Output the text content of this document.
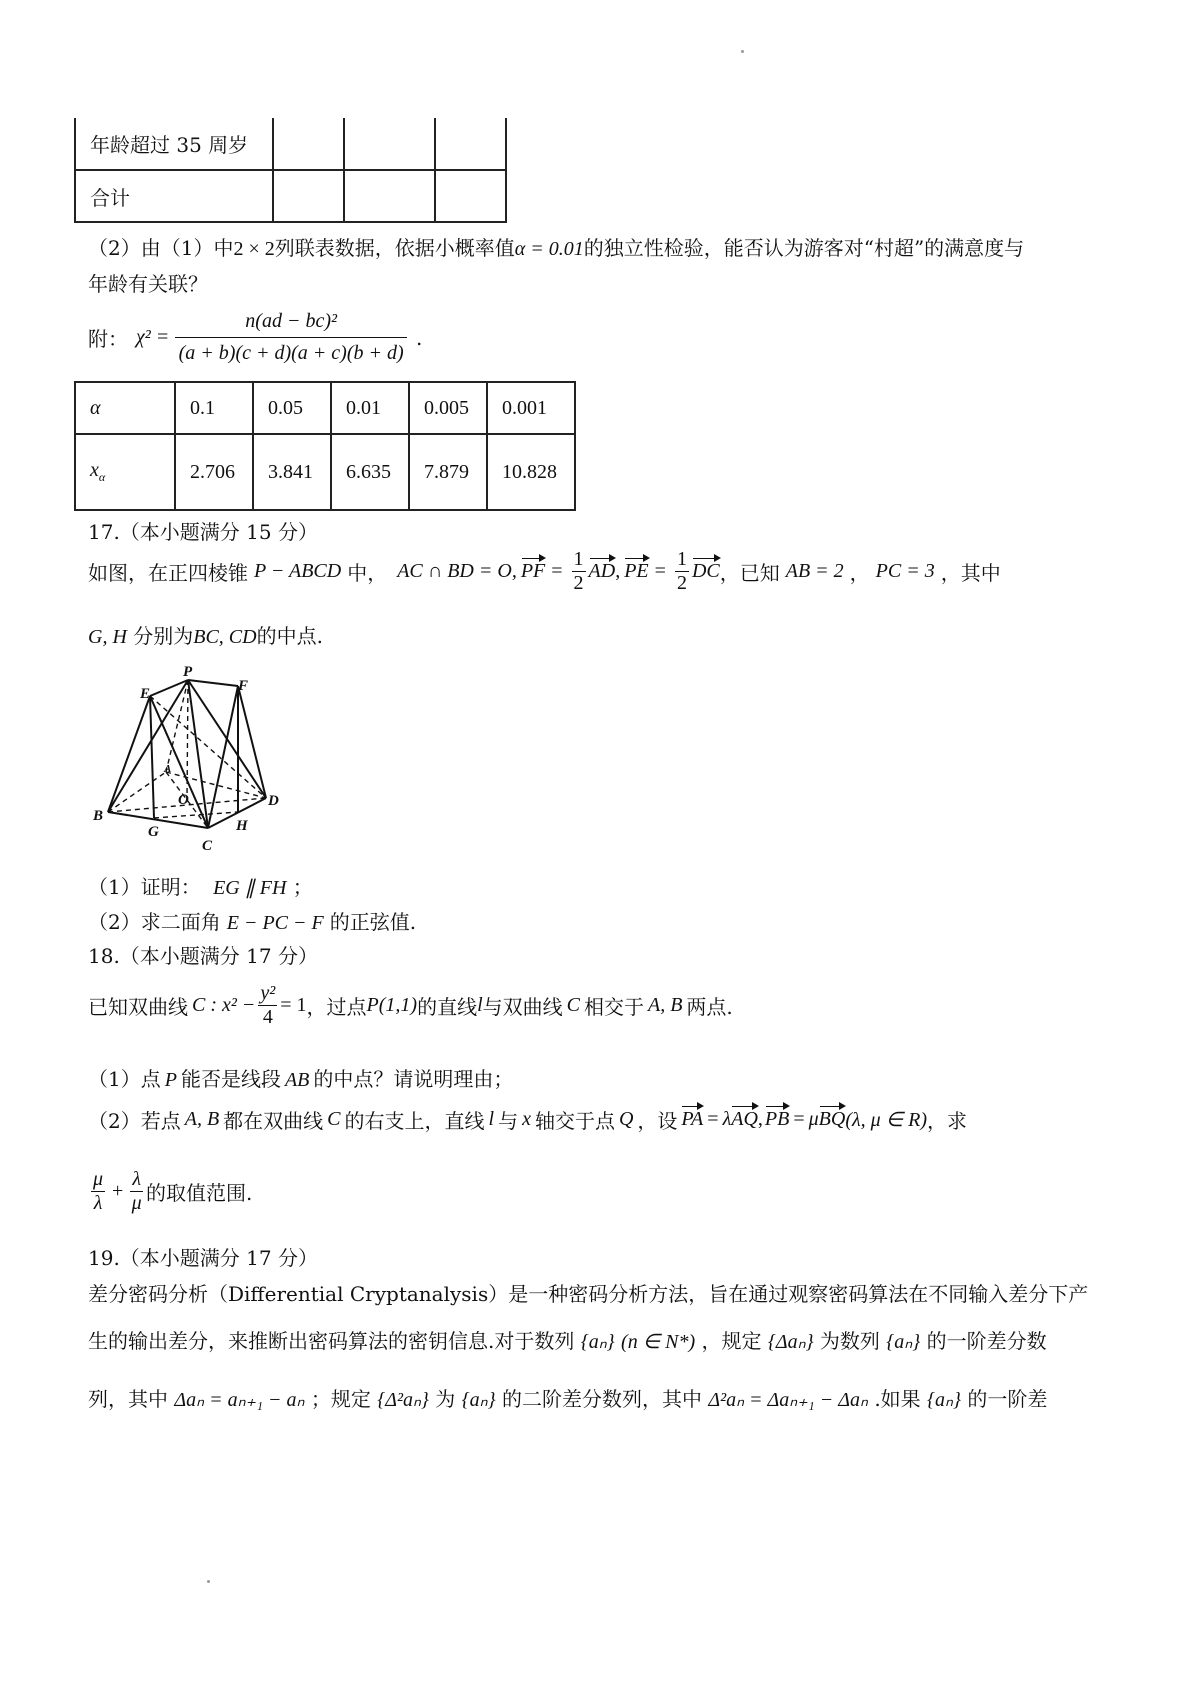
年龄超过 35 周岁			
合计			
（2）由（1）中2 × 2列联表数据，依据小概率值α = 0.01的独立性检验，能否认为游客对“村超”的满意度与
年龄有关联？
附： $\chi^2 = \frac{\text{n(ad − bc)²}}{(a + b)(c + d)(a + c)(b + d)}$ .
α	0.1	0.05	0.01	0.005	0.001
$x_\alpha$	2.706	3.841	6.635	7.879	10.828
17.（本小题满分 15 分）
如图，在正四棱锥 P − ABCD 中， AC ∩ BD = O, PF = $\frac{1}{2}$ AD , PE = $\frac{1}{2}$ DC ，已知 AB = 2 ， PC = 3 ，其中
G, H 分别为BC, CD的中点.
P
E	F
A
B
D
O
G
C
H
（1）证明： EG ∥ FH ；
（2）求二面角 E − PC − F 的正弦值.
18.（本小题满分 17 分）
已知双曲线 C : $x^2 - \frac{\text{y²}}{4} = 1$ ，过点 P(1,1) 的直线 l 与双曲线 C 相交于 A, B 两点.
（1）点 P 能否是线段 AB 的中点？请说明理由；
（2）若点 A, B 都在双曲线 C 的右支上，直线 l 与 x 轴交于点 Q ，设 PA = λ AQ , PB = μ BQ (λ, μ ∈ R) ，求
$\frac{\mu}{\lambda} + \frac{\lambda}{\mu}$ 的取值范围.
19.（本小题满分 17 分）
差分密码分析（Differential Cryptanalysis）是一种密码分析方法，旨在通过观察密码算法在不同输入差分下产
生的输出差分，来推断出密码算法的密钥信息.对于数列 {aₙ} (n ∈ N*) ，规定 {Δaₙ} 为数列 {aₙ} 的一阶差分数
列，其中 Δaₙ = aₙ₊₁ − aₙ ；规定 {Δ²aₙ} 为 {aₙ} 的二阶差分数列，其中 Δ²aₙ = Δaₙ₊₁ − Δaₙ .如果 {aₙ} 的一阶差
